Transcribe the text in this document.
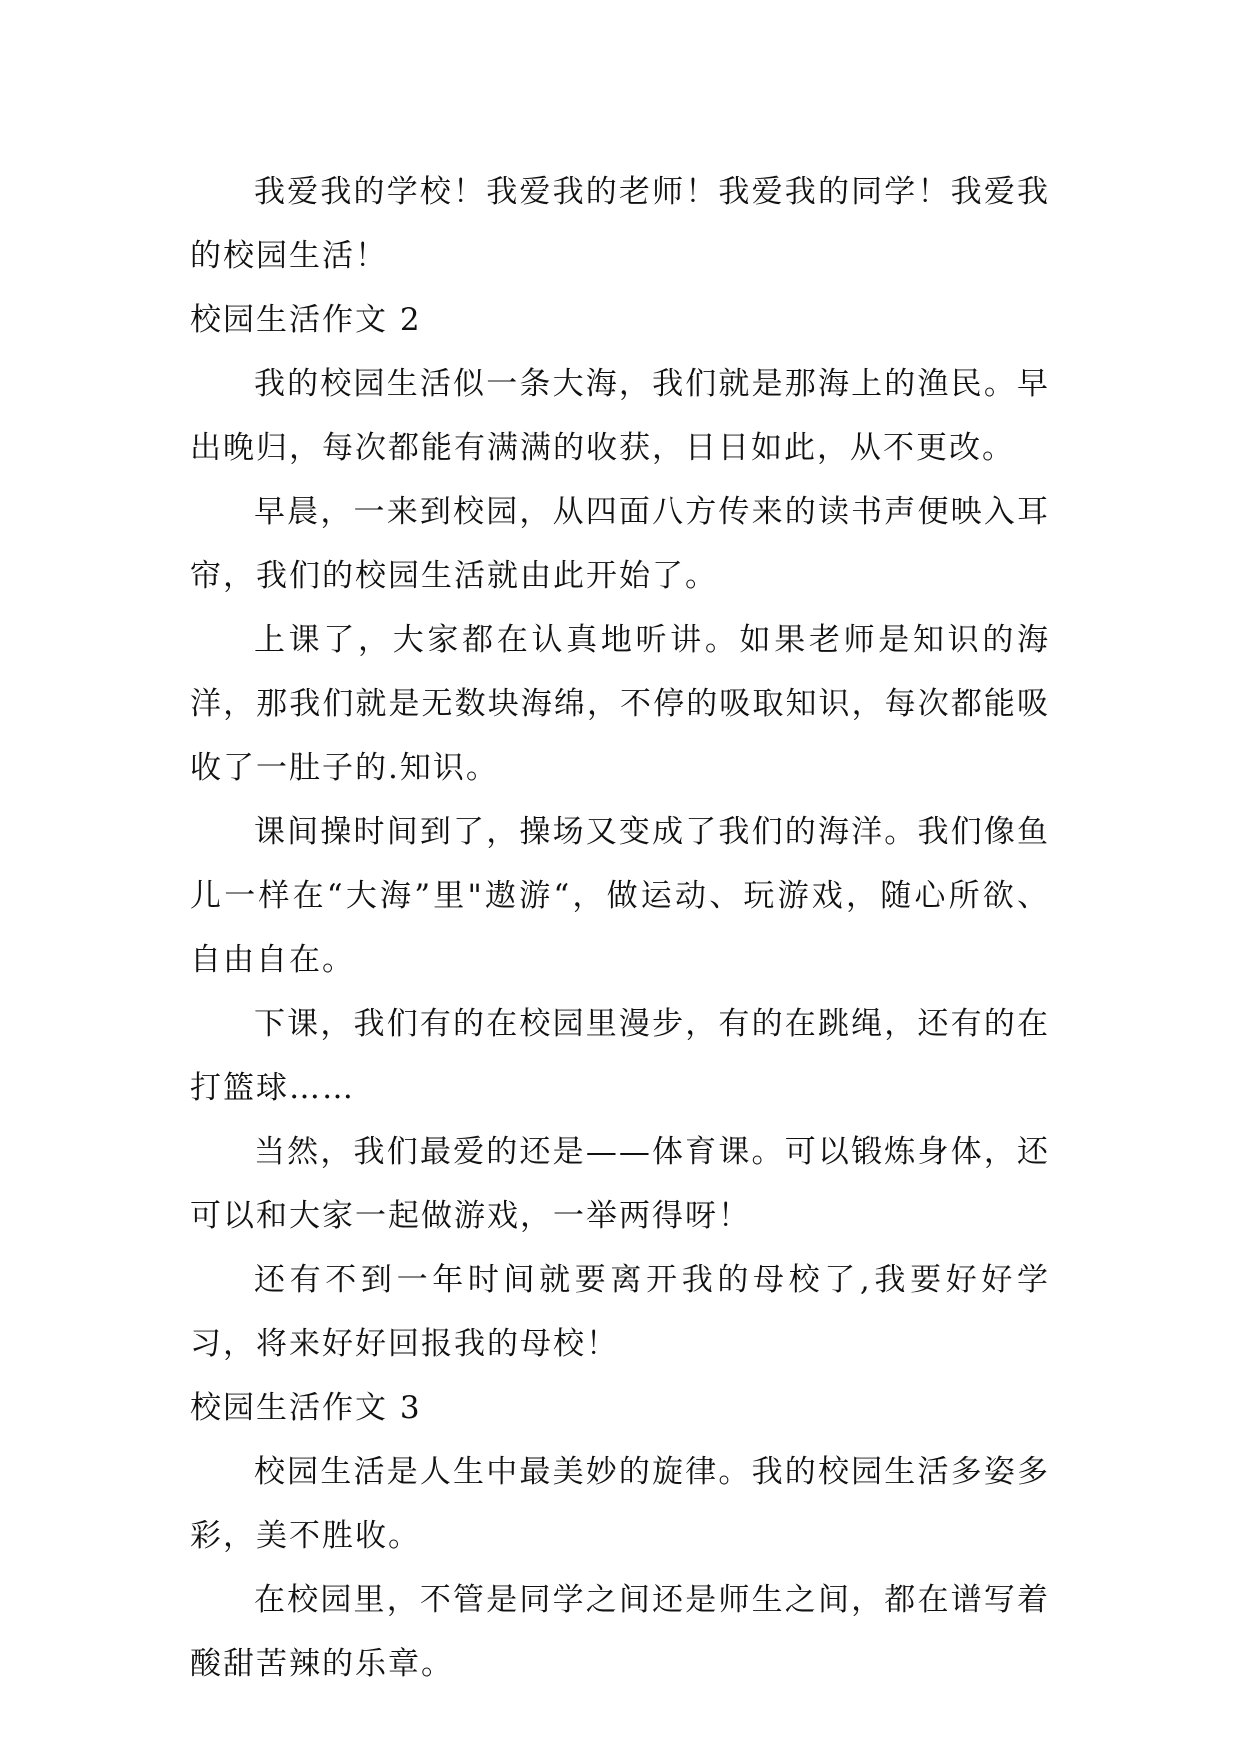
我爱我的学校！我爱我的老师！我爱我的同学！我爱我的校园生活！

校园生活作文 2

我的校园生活似一条大海，我们就是那海上的渔民。早出晚归，每次都能有满满的收获，日日如此，从不更改。

早晨，一来到校园，从四面八方传来的读书声便映入耳帘，我们的校园生活就由此开始了。

上课了，大家都在认真地听讲。如果老师是知识的海洋，那我们就是无数块海绵，不停的吸取知识，每次都能吸收了一肚子的.知识。

课间操时间到了，操场又变成了我们的海洋。我们像鱼儿一样在“大海”里"遨游“，做运动、玩游戏，随心所欲、自由自在。

下课，我们有的在校园里漫步，有的在跳绳，还有的在打篮球……

当然，我们最爱的还是——体育课。可以锻炼身体，还可以和大家一起做游戏，一举两得呀！

还有不到一年时间就要离开我的母校了,我要好好学习，将来好好回报我的母校！

校园生活作文 3

校园生活是人生中最美妙的旋律。我的校园生活多姿多彩，美不胜收。

在校园里，不管是同学之间还是师生之间，都在谱写着酸甜苦辣的乐章。
